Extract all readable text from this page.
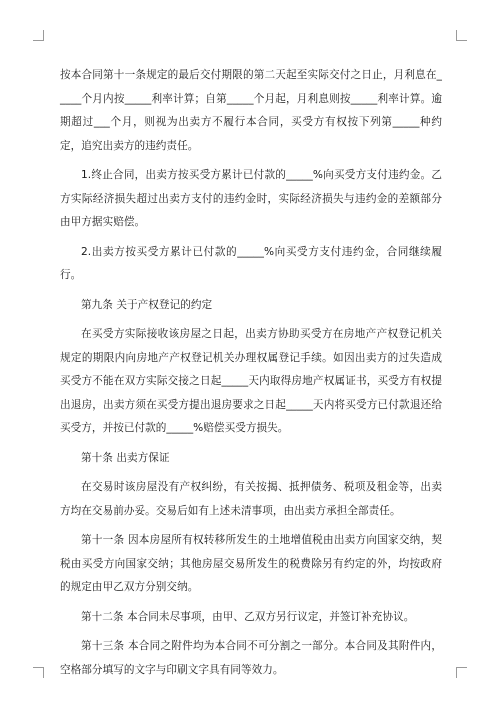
按本合同第十一条规定的最后交付期限的第二天起至实际交付之日止，月利息在_____个月内按_____利率计算；自第_____个月起，月利息则按_____利率计算。逾期超过___个月，则视为出卖方不履行本合同，买受方有权按下列第_____种约定，追究出卖方的违约责任。

1.终止合同，出卖方按买受方累计已付款的_____%向买受方支付违约金。乙方实际经济损失超过出卖方支付的违约金时，实际经济损失与违约金的差额部分由甲方据实赔偿。

2.出卖方按买受方累计已付款的_____%向买受方支付违约金，合同继续履行。

第九条 关于产权登记的约定

在买受方实际接收该房屋之日起，出卖方协助买受方在房地产产权登记机关规定的期限内向房地产产权登记机关办理权属登记手续。如因出卖方的过失造成买受方不能在双方实际交接之日起_____天内取得房地产权属证书，买受方有权提出退房，出卖方须在买受方提出退房要求之日起_____天内将买受方已付款退还给买受方，并按已付款的_____%赔偿买受方损失。

第十条 出卖方保证

在交易时该房屋没有产权纠纷，有关按揭、抵押债务、税项及租金等，出卖方均在交易前办妥。交易后如有上述未清事项，由出卖方承担全部责任。

第十一条 因本房屋所有权转移所发生的土地增值税由出卖方向国家交纳，契税由买受方向国家交纳；其他房屋交易所发生的税费除另有约定的外，均按政府的规定由甲乙双方分别交纳。

第十二条 本合同未尽事项，由甲、乙双方另行议定，并签订补充协议。

第十三条 本合同之附件均为本合同不可分割之一部分。本合同及其附件内，空格部分填写的文字与印刷文字具有同等效力。
